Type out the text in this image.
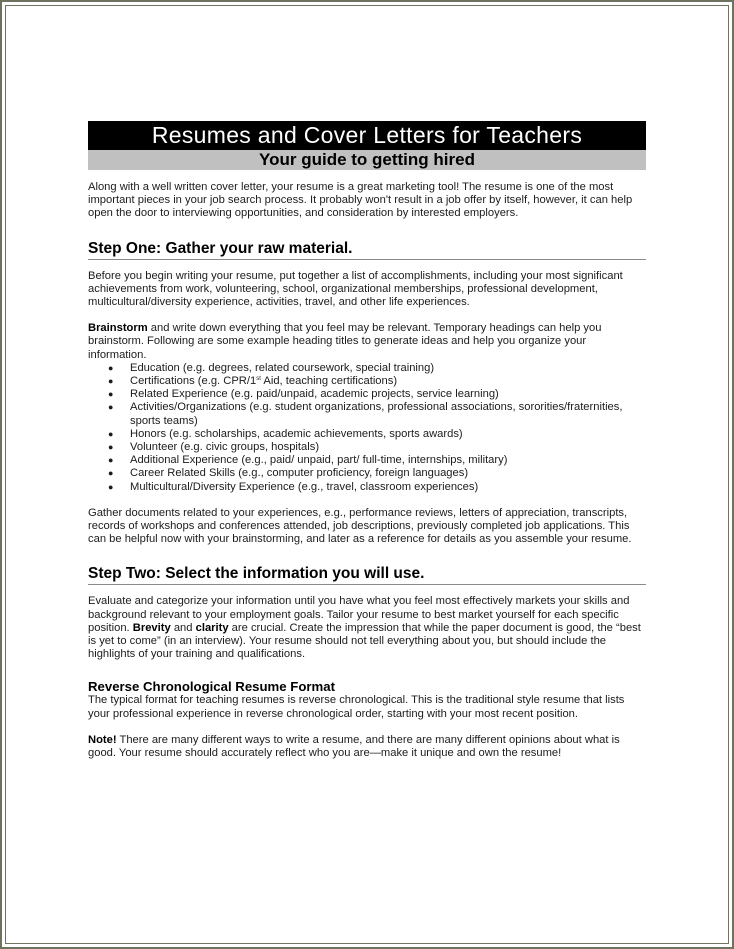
Resumes and Cover Letters for Teachers
Your guide to getting hired

Along with a well written cover letter, your resume is a great marketing tool! The resume is one of the most important pieces in your job search process. It probably won't result in a job offer by itself, however, it can help open the door to interviewing opportunities, and consideration by interested employers.

Step One: Gather your raw material.

Before you begin writing your resume, put together a list of accomplishments, including your most significant achievements from work, volunteering, school, organizational memberships, professional development, multicultural/diversity experience, activities, travel, and other life experiences.

Brainstorm and write down everything that you feel may be relevant. Temporary headings can help you brainstorm. Following are some example heading titles to generate ideas and help you organize your information.

● Education (e.g. degrees, related coursework, special training)
● Certifications (e.g. CPR/1st Aid, teaching certifications)
● Related Experience (e.g. paid/unpaid, academic projects, service learning)
● Activities/Organizations (e.g. student organizations, professional associations, sororities/fraternities, sports teams)
● Honors (e.g. scholarships, academic achievements, sports awards)
● Volunteer (e.g. civic groups, hospitals)
● Additional Experience (e.g., paid/ unpaid, part/ full-time, internships, military)
● Career Related Skills (e.g., computer proficiency, foreign languages)
● Multicultural/Diversity Experience (e.g., travel, classroom experiences)

Gather documents related to your experiences, e.g., performance reviews, letters of appreciation, transcripts, records of workshops and conferences attended, job descriptions, previously completed job applications. This can be helpful now with your brainstorming, and later as a reference for details as you assemble your resume.

Step Two: Select the information you will use.

Evaluate and categorize your information until you have what you feel most effectively markets your skills and background relevant to your employment goals. Tailor your resume to best market yourself for each specific position. Brevity and clarity are crucial. Create the impression that while the paper document is good, the “best is yet to come” (in an interview). Your resume should not tell everything about you, but should include the highlights of your training and qualifications.

Reverse Chronological Resume Format

The typical format for teaching resumes is reverse chronological. This is the traditional style resume that lists your professional experience in reverse chronological order, starting with your most recent position.

Note! There are many different ways to write a resume, and there are many different opinions about what is good. Your resume should accurately reflect who you are—make it unique and own the resume!
